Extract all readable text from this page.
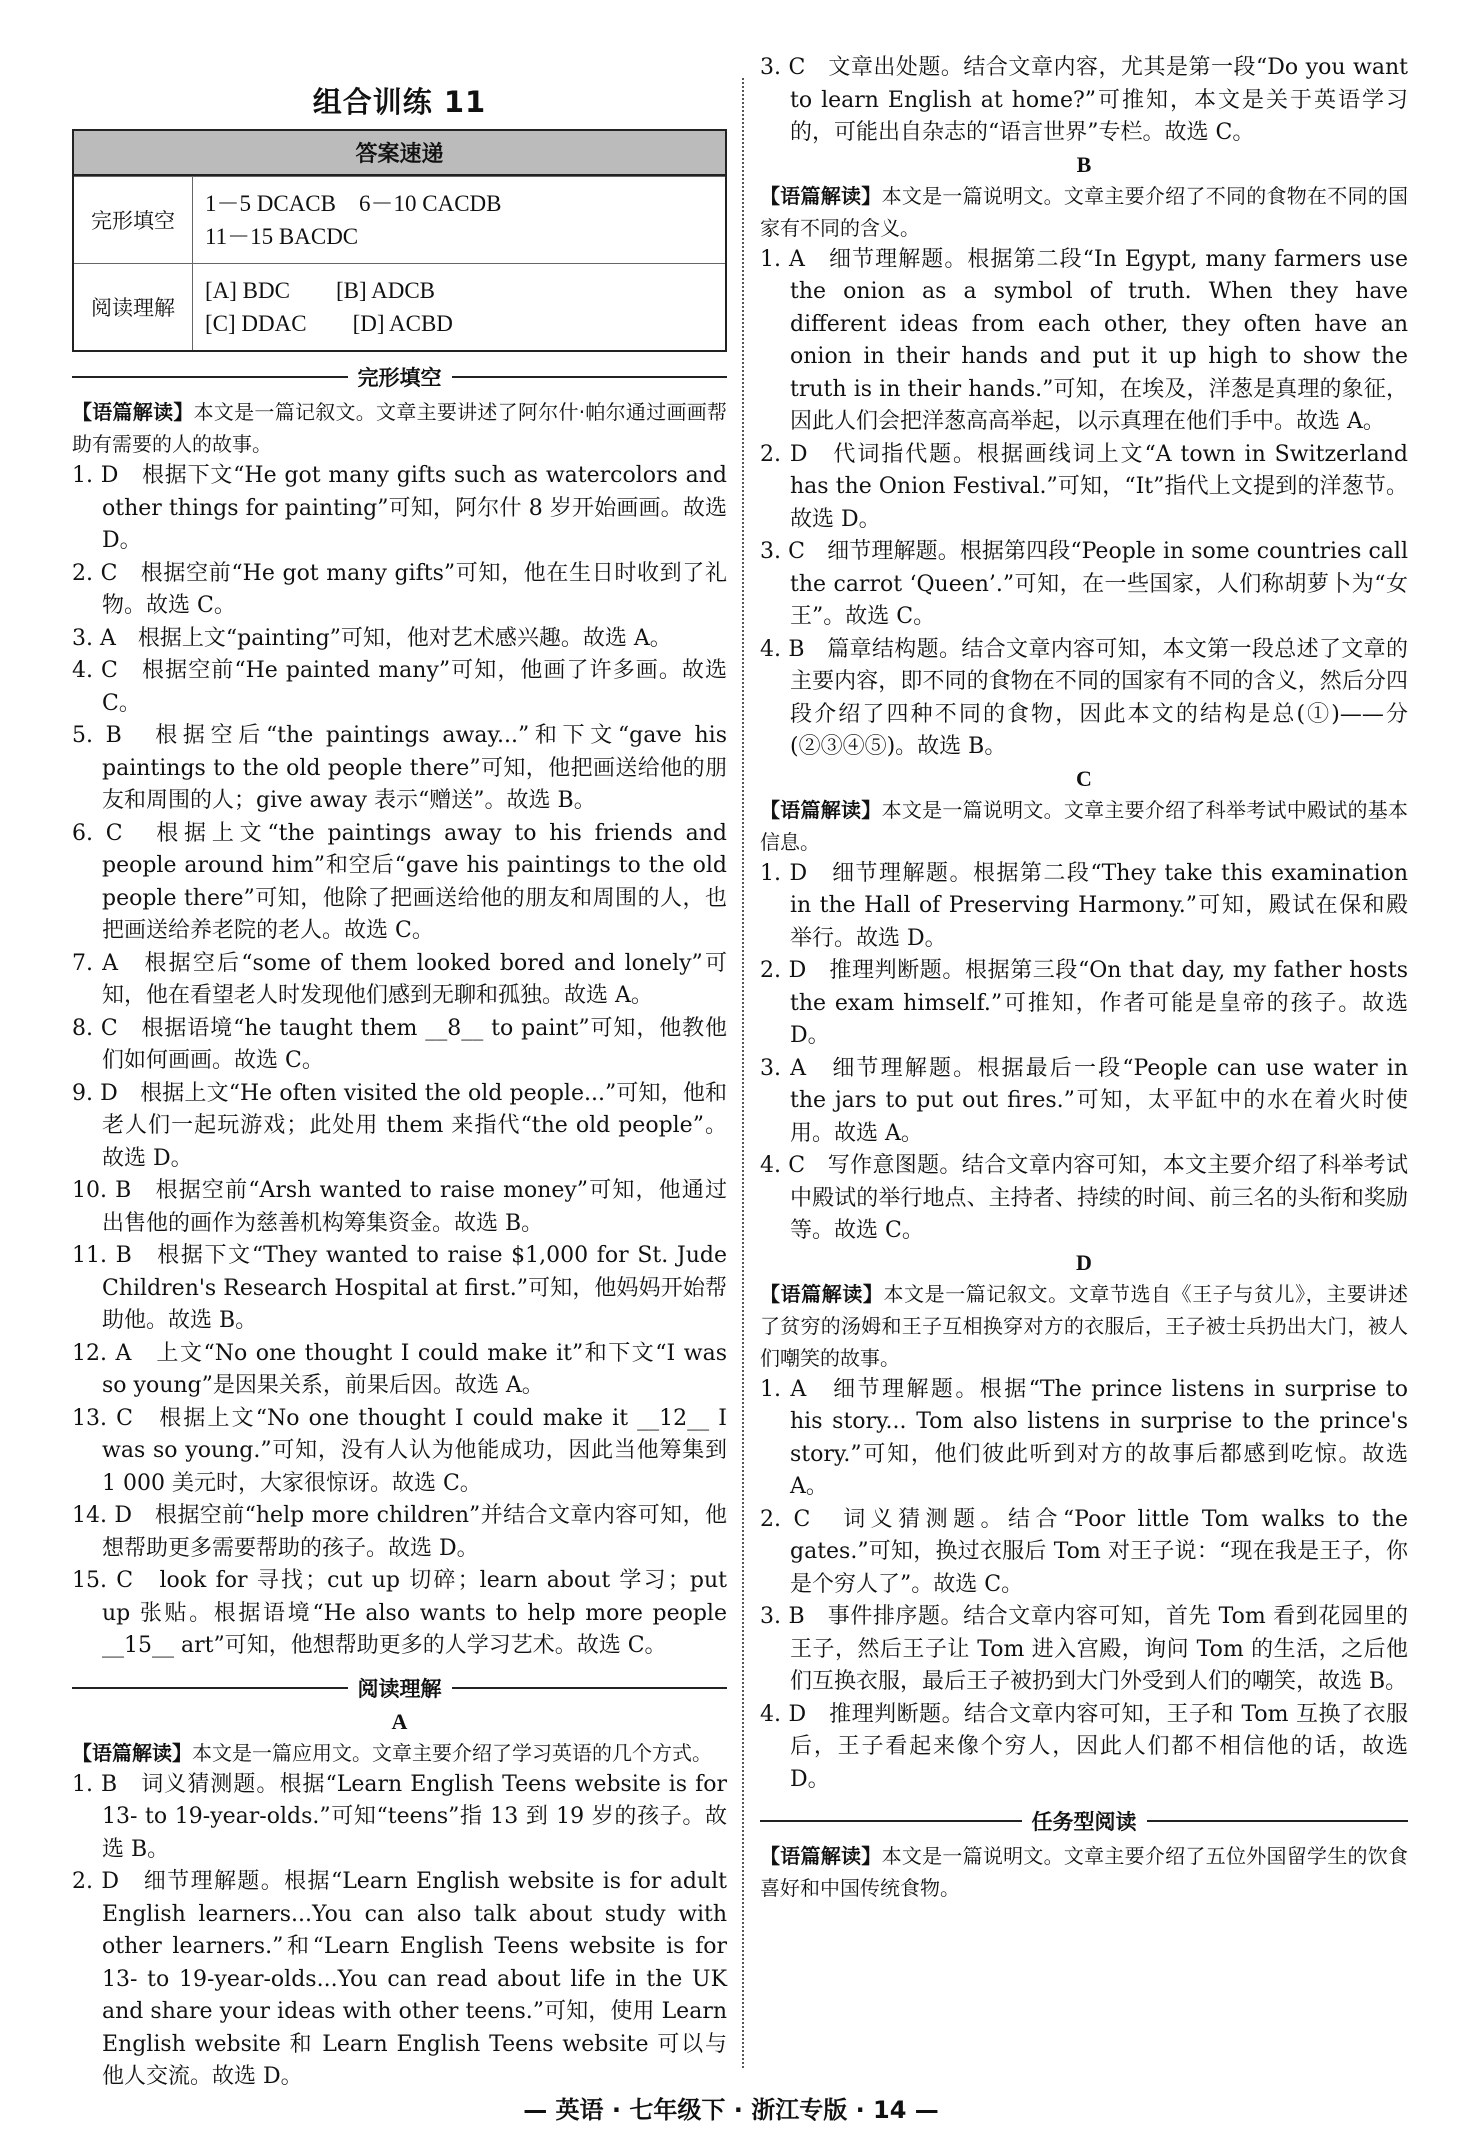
组合训练 11
答案速递
完形填空
1－5 DCACB　6－10 CACDB
11－15 BACDC
阅读理解
[A] BDC　　[B] ADCB
[C] DDAC　　[D] ACBD
完形填空

【语篇解读】本文是一篇记叙文。文章主要讲述了阿尔什·帕尔通过画画帮助有需要的人的故事。

1. D　根据下文“He got many gifts such as watercolors and other things for painting”可知，阿尔什 8 岁开始画画。故选 D。

2. C　根据空前“He got many gifts”可知，他在生日时收到了礼物。故选 C。

3. A　根据上文“painting”可知，他对艺术感兴趣。故选 A。

4. C　根据空前“He painted many”可知，他画了许多画。故选 C。

5. B　根据空后“the paintings away...”和下文“gave his paintings to the old people there”可知，他把画送给他的朋友和周围的人；give away 表示“赠送”。故选 B。

6. C　根据上文“the paintings away to his friends and people around him”和空后“gave his paintings to the old people there”可知，他除了把画送给他的朋友和周围的人，也把画送给养老院的老人。故选 C。

7. A　根据空后“some of them looked bored and lonely”可知，他在看望老人时发现他们感到无聊和孤独。故选 A。

8. C　根据语境“he taught them __8__ to paint”可知，他教他们如何画画。故选 C。

9. D　根据上文“He often visited the old people...”可知，他和老人们一起玩游戏；此处用 them 来指代“the old people”。故选 D。

10. B　根据空前“Arsh wanted to raise money”可知，他通过出售他的画作为慈善机构筹集资金。故选 B。

11. B　根据下文“They wanted to raise $1,000 for St. Jude Children's Research Hospital at first.”可知，他妈妈开始帮助他。故选 B。

12. A　上文“No one thought I could make it”和下文“I was so young”是因果关系，前果后因。故选 A。

13. C　根据上文“No one thought I could make it __12__ I was so young.”可知，没有人认为他能成功，因此当他筹集到 1 000 美元时，大家很惊讶。故选 C。

14. D　根据空前“help more children”并结合文章内容可知，他想帮助更多需要帮助的孩子。故选 D。

15. C　look for 寻找；cut up 切碎；learn about 学习；put up 张贴。根据语境“He also wants to help more people __15__ art”可知，他想帮助更多的人学习艺术。故选 C。

阅读理解
A

【语篇解读】本文是一篇应用文。文章主要介绍了学习英语的几个方式。

1. B　词义猜测题。根据“Learn English Teens website is for 13- to 19-year-olds.”可知“teens”指 13 到 19 岁的孩子。故选 B。

2. D　细节理解题。根据“Learn English website is for adult English learners...You can also talk about study with other learners.”和“Learn English Teens website is for 13- to 19-year-olds...You can read about life in the UK and share your ideas with other teens.”可知，使用 Learn English website 和 Learn English Teens website 可以与他人交流。故选 D。

3. C　文章出处题。结合文章内容，尤其是第一段“Do you want to learn English at home?”可推知，本文是关于英语学习的，可能出自杂志的“语言世界”专栏。故选 C。

B

【语篇解读】本文是一篇说明文。文章主要介绍了不同的食物在不同的国家有不同的含义。

1. A　细节理解题。根据第二段“In Egypt, many farmers use the onion as a symbol of truth. When they have different ideas from each other, they often have an onion in their hands and put it up high to show the truth is in their hands.”可知，在埃及，洋葱是真理的象征，因此人们会把洋葱高高举起，以示真理在他们手中。故选 A。

2. D　代词指代题。根据画线词上文“A town in Switzerland has the Onion Festival.”可知，“It”指代上文提到的洋葱节。故选 D。

3. C　细节理解题。根据第四段“People in some countries call the carrot ‘Queen’.”可知，在一些国家，人们称胡萝卜为“女王”。故选 C。

4. B　篇章结构题。结合文章内容可知，本文第一段总述了文章的主要内容，即不同的食物在不同的国家有不同的含义，然后分四段介绍了四种不同的食物，因此本文的结构是总(①)——分(②③④⑤)。故选 B。

C

【语篇解读】本文是一篇说明文。文章主要介绍了科举考试中殿试的基本信息。

1. D　细节理解题。根据第二段“They take this examination in the Hall of Preserving Harmony.”可知，殿试在保和殿举行。故选 D。

2. D　推理判断题。根据第三段“On that day, my father hosts the exam himself.”可推知，作者可能是皇帝的孩子。故选 D。

3. A　细节理解题。根据最后一段“People can use water in the jars to put out fires.”可知，太平缸中的水在着火时使用。故选 A。

4. C　写作意图题。结合文章内容可知，本文主要介绍了科举考试中殿试的举行地点、主持者、持续的时间、前三名的头衔和奖励等。故选 C。

D

【语篇解读】本文是一篇记叙文。文章节选自《王子与贫儿》，主要讲述了贫穷的汤姆和王子互相换穿对方的衣服后，王子被士兵扔出大门，被人们嘲笑的故事。

1. A　细节理解题。根据“The prince listens in surprise to his story... Tom also listens in surprise to the prince's story.”可知，他们彼此听到对方的故事后都感到吃惊。故选 A。

2. C　词义猜测题。结合“Poor little Tom walks to the gates.”可知，换过衣服后 Tom 对王子说：“现在我是王子，你是个穷人了”。故选 C。

3. B　事件排序题。结合文章内容可知，首先 Tom 看到花园里的王子，然后王子让 Tom 进入宫殿，询问 Tom 的生活，之后他们互换衣服，最后王子被扔到大门外受到人们的嘲笑，故选 B。

4. D　推理判断题。结合文章内容可知，王子和 Tom 互换了衣服后，王子看起来像个穷人，因此人们都不相信他的话，故选 D。

任务型阅读

【语篇解读】本文是一篇说明文。文章主要介绍了五位外国留学生的饮食喜好和中国传统食物。

— 英语 · 七年级下 · 浙江专版 · 14 —
